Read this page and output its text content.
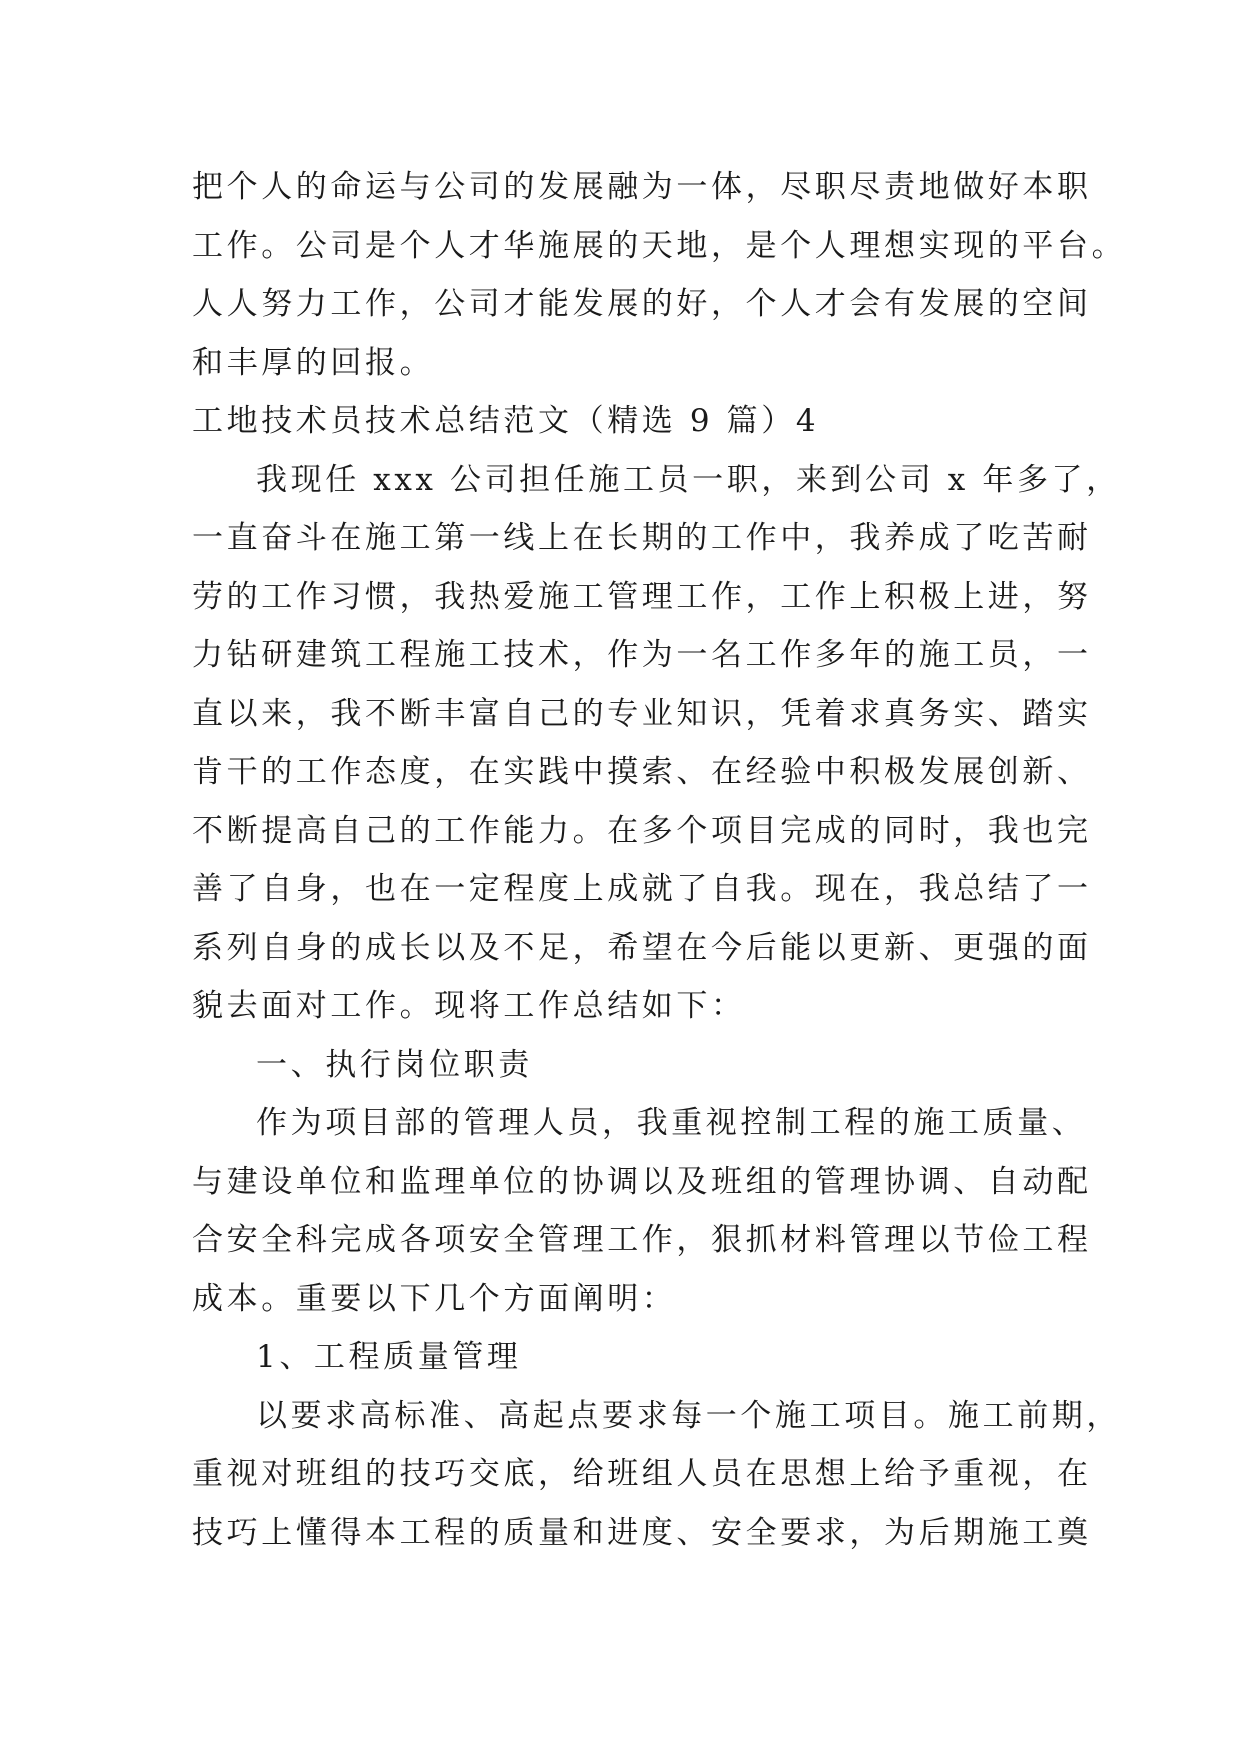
把个人的命运与公司的发展融为一体，尽职尽责地做好本职
工作。公司是个人才华施展的天地，是个人理想实现的平台。
人人努力工作，公司才能发展的好，个人才会有发展的空间
和丰厚的回报。
工地技术员技术总结范文（精选 9 篇）4
我现任 xxx 公司担任施工员一职，来到公司 x 年多了，
一直奋斗在施工第一线上在长期的工作中，我养成了吃苦耐
劳的工作习惯，我热爱施工管理工作，工作上积极上进，努
力钻研建筑工程施工技术，作为一名工作多年的施工员，一
直以来，我不断丰富自己的专业知识，凭着求真务实、踏实
肯干的工作态度，在实践中摸索、在经验中积极发展创新、
不断提高自己的工作能力。在多个项目完成的同时，我也完
善了自身，也在一定程度上成就了自我。现在，我总结了一
系列自身的成长以及不足，希望在今后能以更新、更强的面
貌去面对工作。现将工作总结如下：
一、执行岗位职责
作为项目部的管理人员，我重视控制工程的施工质量、
与建设单位和监理单位的协调以及班组的管理协调、自动配
合安全科完成各项安全管理工作，狠抓材料管理以节俭工程
成本。重要以下几个方面阐明：
1、工程质量管理
以要求高标准、高起点要求每一个施工项目。施工前期，
重视对班组的技巧交底，给班组人员在思想上给予重视，在
技巧上懂得本工程的质量和进度、安全要求，为后期施工奠
